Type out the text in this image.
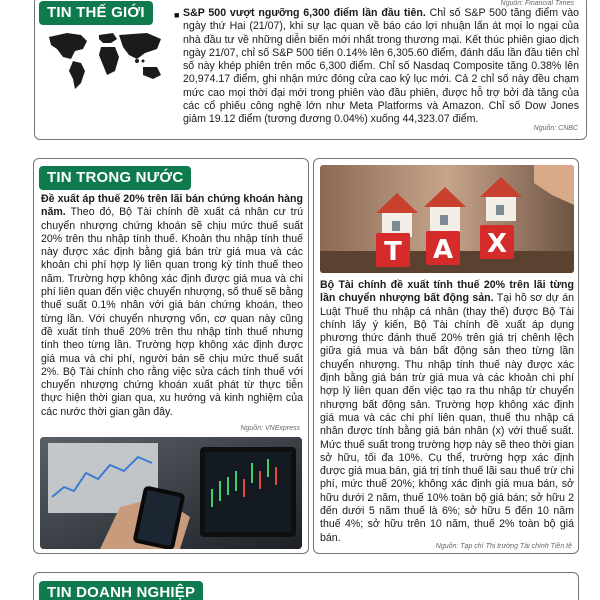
TIN THẾ GIỚI	■ S&P 500 vượt ngưỡng 6,300 điểm lần đầu tiên. Chỉ số S&P 500 tăng điểm vào ngày thứ Hai (21/07), khi sự lạc quan về báo cáo lợi nhuận lấn át mọi lo ngại của nhà đầu tư về những diễn biến mới nhất trong thương mại. Kết thúc phiên giao dịch ngày 21/07, chỉ số S&P 500 tiến 0.14% lên 6,305.60 điểm, đánh dấu lần đầu tiên chỉ số này khép phiên trên mốc 6,300 điểm. Chỉ số Nasdaq Composite tăng 0.38% lên 20,974.17 điểm, ghi nhận mức đóng cửa cao kỷ lục mới. Cả 2 chỉ số này đều chạm mức cao mọi thời đại mới trong phiên vào đầu phiên, được hỗ trợ bởi đà tăng của các cổ phiếu công nghệ lớn như Meta Platforms và Amazon. Chỉ số Dow Jones giảm 19.12 điểm (tương đương 0.04%) xuống 44,323.07 điểm.
Nguồn: CNBC
Nguồn: Financial Times
TIN TRONG NƯỚC
Đề xuất áp thuế 20% trên lãi bán chứng khoán hàng năm. Theo đó, Bộ Tài chính đề xuất cá nhân cư trú chuyển nhượng chứng khoán sẽ chịu mức thuế suất 20% trên thu nhập tính thuế. Khoản thu nhập tính thuế này được xác định bằng giá bán trừ giá mua và các khoản chi phí hợp lý liên quan trong kỳ tính thuế theo năm. Trường hợp không xác định được giá mua và chi phí liên quan đến việc chuyển nhượng, số thuế sẽ bằng thuế suất 0.1% nhân với giá bán chứng khoán, theo từng lần. Với chuyển nhượng vốn, cơ quan này cũng đề xuất tính thuế 20% trên thu nhập tính thuế nhưng tính theo từng lần. Trường hợp không xác định được giá mua và chi phí, người bán sẽ chịu mức thuế suất 2%. Bộ Tài chính cho rằng việc sửa cách tính thuế với chuyển nhượng chứng khoán xuất phát từ thực tiễn thực hiện thời gian qua, xu hướng và kinh nghiệm của các nước thời gian gần đây.
Nguồn: VNExpress
T A X
Bộ Tài chính đề xuất tính thuế 20% trên lãi từng lần chuyển nhượng bất động sản. Tại hồ sơ dự án Luật Thuế thu nhập cá nhân (thay thế) được Bộ Tài chính lấy ý kiến, Bộ Tài chính đề xuất áp dụng phương thức đánh thuế 20% trên giá trị chênh lệch giữa giá mua và bán bất động sản theo từng lần chuyển nhượng. Thu nhập tính thuế này được xác định bằng giá bán trừ giá mua và các khoản chi phí hợp lý liên quan đến việc tạo ra thu nhập từ chuyển nhượng bất động sản. Trường hợp không xác định giá mua và các chi phí liên quan, thuế thu nhập cá nhân được tính bằng giá bán nhân (x) với thuế suất. Mức thuế suất trong trường hợp này sẽ theo thời gian sở hữu, tối đa 10%. Cụ thể, trường hợp xác định được giá mua bán, giá trị tính thuế lãi sau thuế trừ chi phí, mức thuế 20%; không xác định giá mua bán, sở hữu dưới 2 năm, thuế 10% toàn bộ giá bán; sở hữu 2 đến dưới 5 năm thuế là 6%; sở hữu 5 đến 10 năm thuế 4%; sở hữu trên 10 năm, thuế 2% toàn bộ giá bán.
Nguồn: Tạp chí Thị trường Tài chính Tiền tệ
TIN DOANH NGHIỆP
